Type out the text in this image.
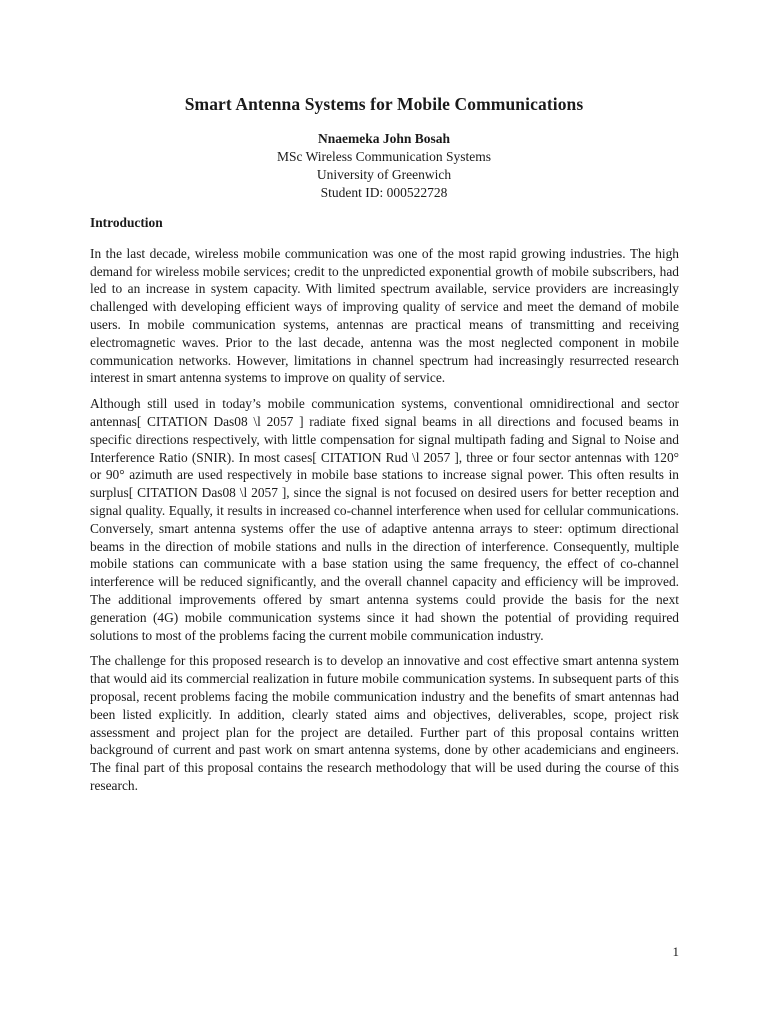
Smart Antenna Systems for Mobile Communications
Nnaemeka John Bosah
MSc Wireless Communication Systems
University of Greenwich
Student ID: 000522728
Introduction

In the last decade, wireless mobile communication was one of the most rapid growing industries. The high demand for wireless mobile services; credit to the unpredicted exponential growth of mobile subscribers, had led to an increase in system capacity. With limited spectrum available, service providers are increasingly challenged with developing efficient ways of improving quality of service and meet the demand of mobile users. In mobile communication systems, antennas are practical means of transmitting and receiving electromagnetic waves. Prior to the last decade, antenna was the most neglected component in mobile communication networks. However, limitations in channel spectrum had increasingly resurrected research interest in smart antenna systems to improve on quality of service.

Although still used in today’s mobile communication systems, conventional omnidirectional and sector antennas[ CITATION Das08 \l 2057 ] radiate fixed signal beams in all directions and focused beams in specific directions respectively, with little compensation for signal multipath fading and Signal to Noise and Interference Ratio (SNIR). In most cases[ CITATION Rud \l 2057 ], three or four sector antennas with 120° or 90° azimuth are used respectively in mobile base stations to increase signal power. This often results in surplus[ CITATION Das08 \l 2057 ], since the signal is not focused on desired users for better reception and signal quality. Equally, it results in increased co-channel interference when used for cellular communications. Conversely, smart antenna systems offer the use of adaptive antenna arrays to steer: optimum directional beams in the direction of mobile stations and nulls in the direction of interference. Consequently, multiple mobile stations can communicate with a base station using the same frequency, the effect of co-channel interference will be reduced significantly, and the overall channel capacity and efficiency will be improved. The additional improvements offered by smart antenna systems could provide the basis for the next generation (4G) mobile communication systems since it had shown the potential of providing required solutions to most of the problems facing the current mobile communication industry.

The challenge for this proposed research is to develop an innovative and cost effective smart antenna system that would aid its commercial realization in future mobile communication systems. In subsequent parts of this proposal, recent problems facing the mobile communication industry and the benefits of smart antennas had been listed explicitly. In addition, clearly stated aims and objectives, deliverables, scope, project risk assessment and project plan for the project are detailed. Further part of this proposal contains written background of current and past work on smart antenna systems, done by other academicians and engineers. The final part of this proposal contains the research methodology that will be used during the course of this research.

1
